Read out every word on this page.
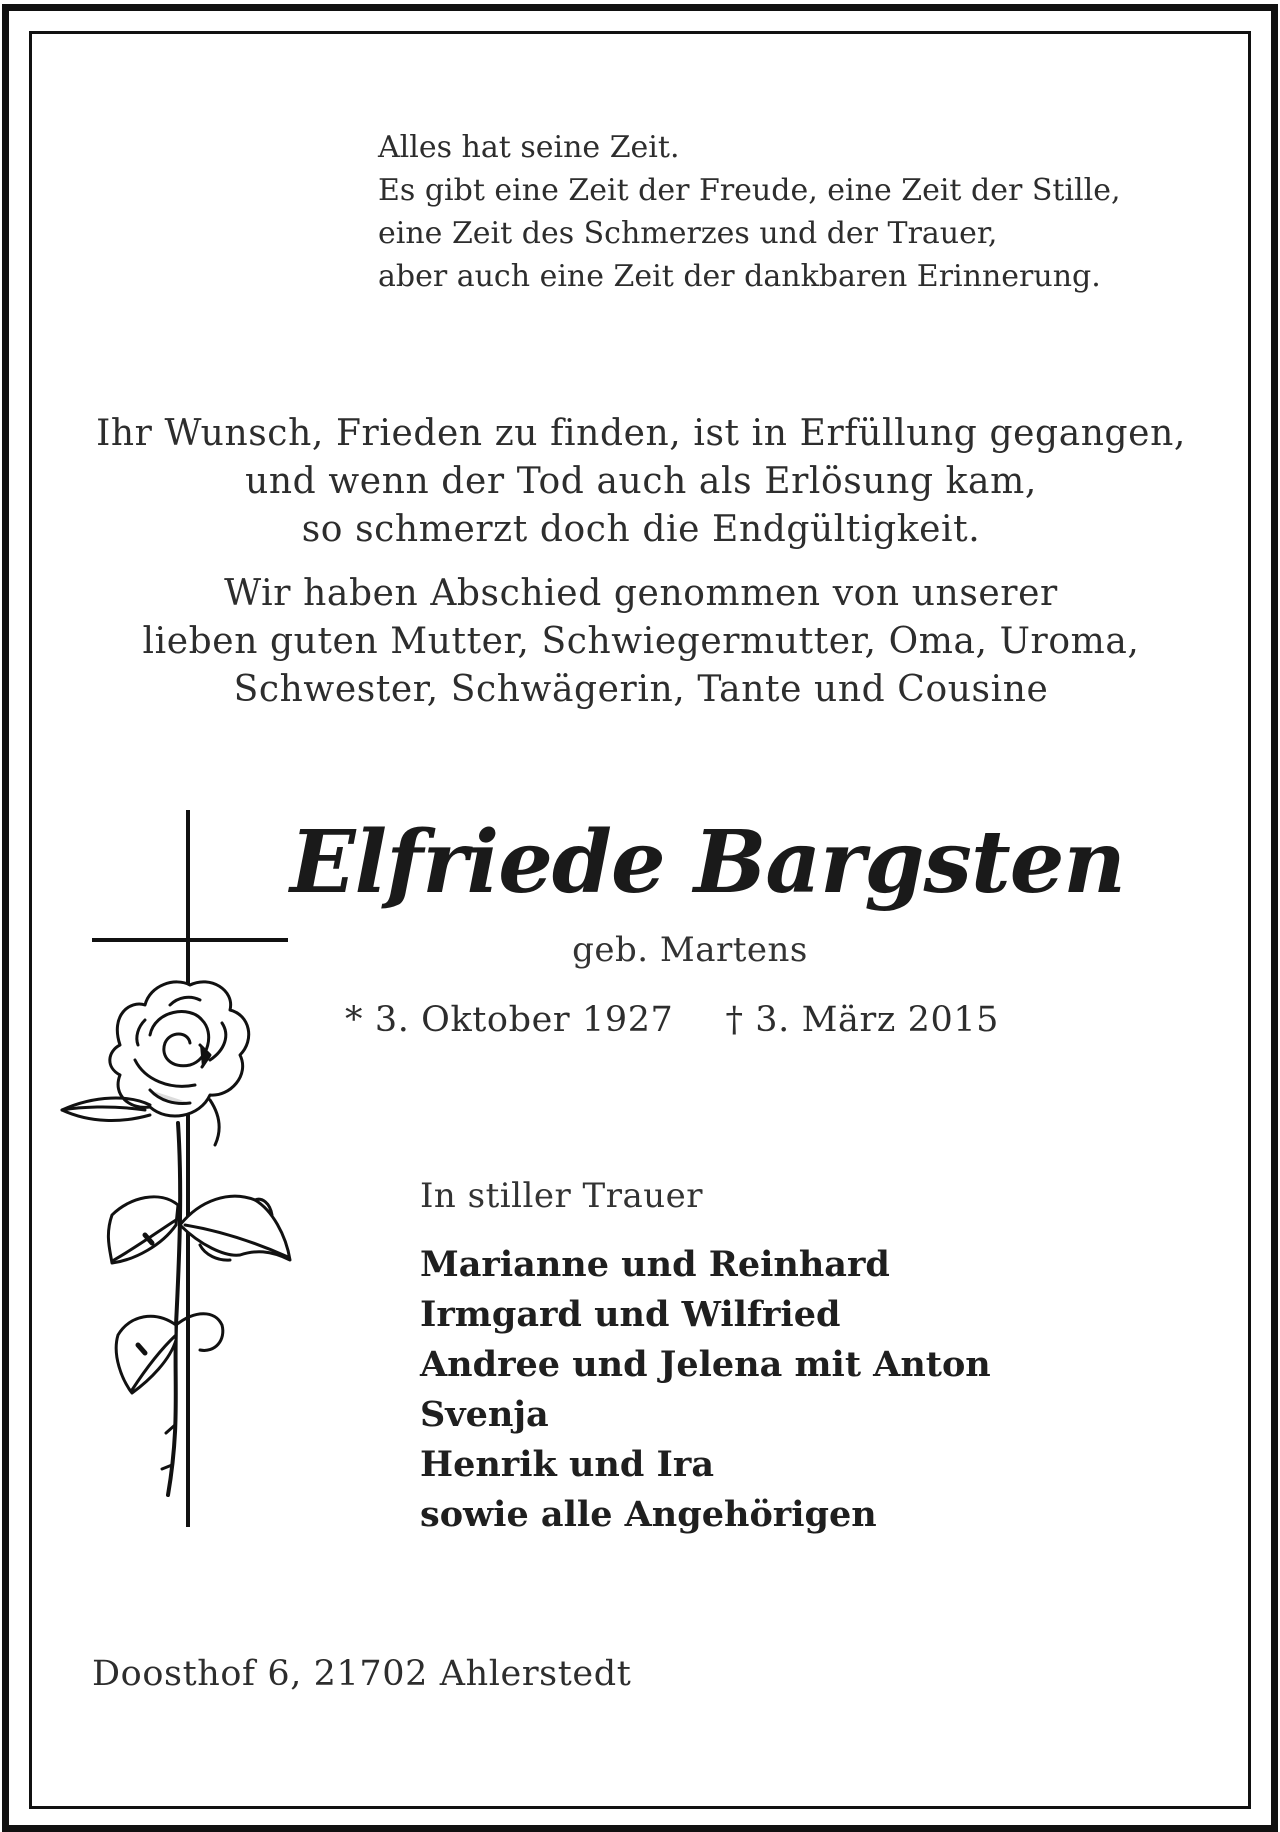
Alles hat seine Zeit.
Es gibt eine Zeit der Freude, eine Zeit der Stille,
eine Zeit des Schmerzes und der Trauer,
aber auch eine Zeit der dankbaren Erinnerung.
Ihr Wunsch, Frieden zu finden, ist in Erfüllung gegangen,
und wenn der Tod auch als Erlösung kam,
so schmerzt doch die Endgültigkeit.
Wir haben Abschied genommen von unserer
lieben guten Mutter, Schwiegermutter, Oma, Uroma,
Schwester, Schwägerin, Tante und Cousine
Elfriede Bargsten
geb. Martens
* 3. Oktober 1927 † 3. März 2015
In stiller Trauer
Marianne und Reinhard
Irmgard und Wilfried
Andree und Jelena mit Anton
Svenja
Henrik und Ira
sowie alle Angehörigen
Doosthof 6, 21702 Ahlerstedt
